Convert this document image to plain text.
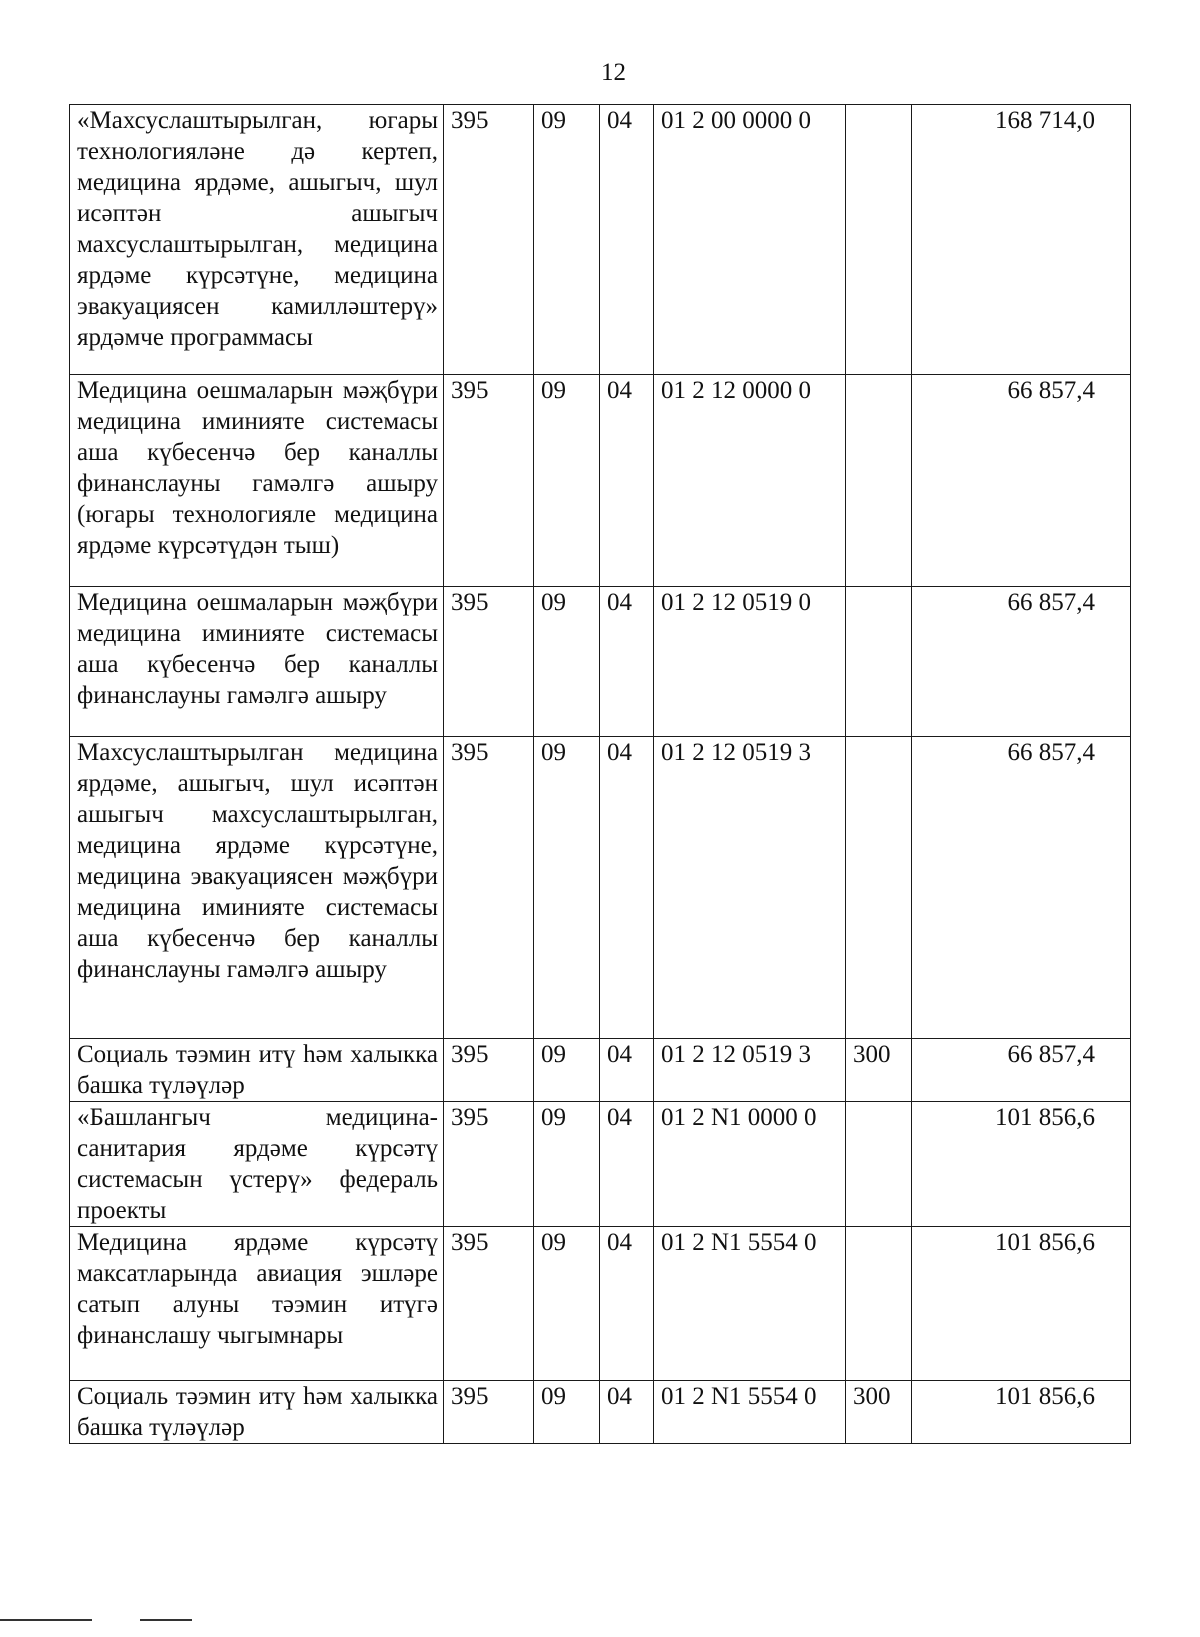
12
«Махсуслаштырылган, югары технологияләне дә кертеп, медицина ярдәме, ашыгыч, шул исәптән ашыгыч махсуслаштырылган, медицина ярдәме күрсәтүне, медицина эвакуациясен камилләштерү» ярдәмче программасы	395	09	04	01 2 00 0000 0		168 714,0
Медицина оешмаларын мәҗбүри медицина иминияте системасы аша күбесенчә бер каналлы финанслауны гамәлгә ашыру (югары технологияле медицина ярдәме күрсәтүдән тыш)	395	09	04	01 2 12 0000 0		66 857,4
Медицина оешмаларын мәҗбүри медицина иминияте системасы аша күбесенчә бер каналлы финанслауны гамәлгә ашыру	395	09	04	01 2 12 0519 0		66 857,4
Махсуслаштырылган медицина ярдәме, ашыгыч, шул исәптән ашыгыч махсуслаштырылган, медицина ярдәме күрсәтүне, медицина эвакуациясен мәҗбүри медицина иминияте системасы аша күбесенчә бер каналлы финанслауны гамәлгә ашыру	395	09	04	01 2 12 0519 3		66 857,4
Социаль тәэмин итү һәм халыкка башка түләүләр	395	09	04	01 2 12 0519 3	300	66 857,4
«Башлангыч медицина-санитария ярдәме күрсәтү системасын үстерү» федераль проекты	395	09	04	01 2 N1 0000 0		101 856,6
Медицина ярдәме күрсәтү максатларында авиация эшләре сатып алуны тәэмин итүгә финанслашу чыгымнары	395	09	04	01 2 N1 5554 0		101 856,6
Социаль тәэмин итү һәм халыкка башка түләүләр	395	09	04	01 2 N1 5554 0	300	101 856,6
